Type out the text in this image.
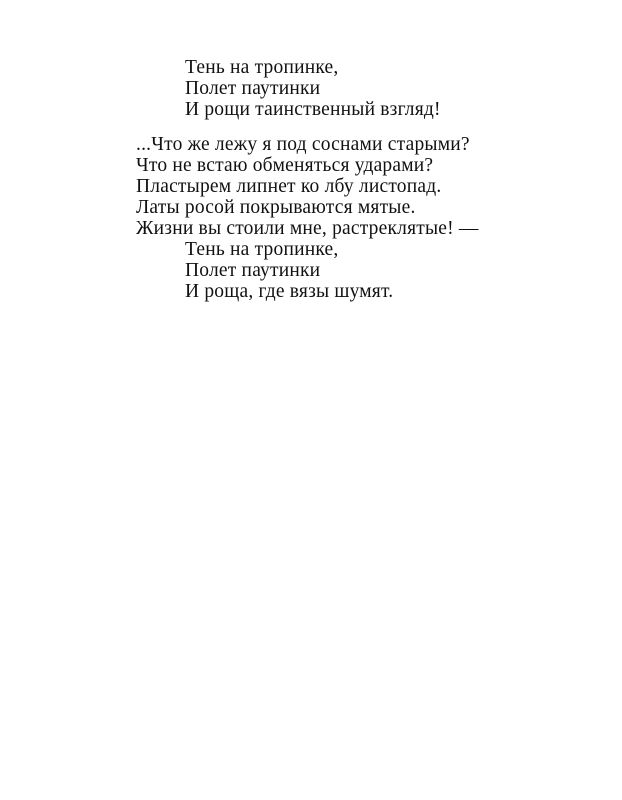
Тень на тропинке,
Полет паутинки
И рощи таинственный взгляд!
...Что же лежу я под соснами старыми?
Что не встаю обменяться ударами?
Пластырем липнет ко лбу листопад.
Латы росой покрываются мятые.
Жизни вы стоили мне, растреклятые! —
Тень на тропинке,
Полет паутинки
И роща, где вязы шумят.
